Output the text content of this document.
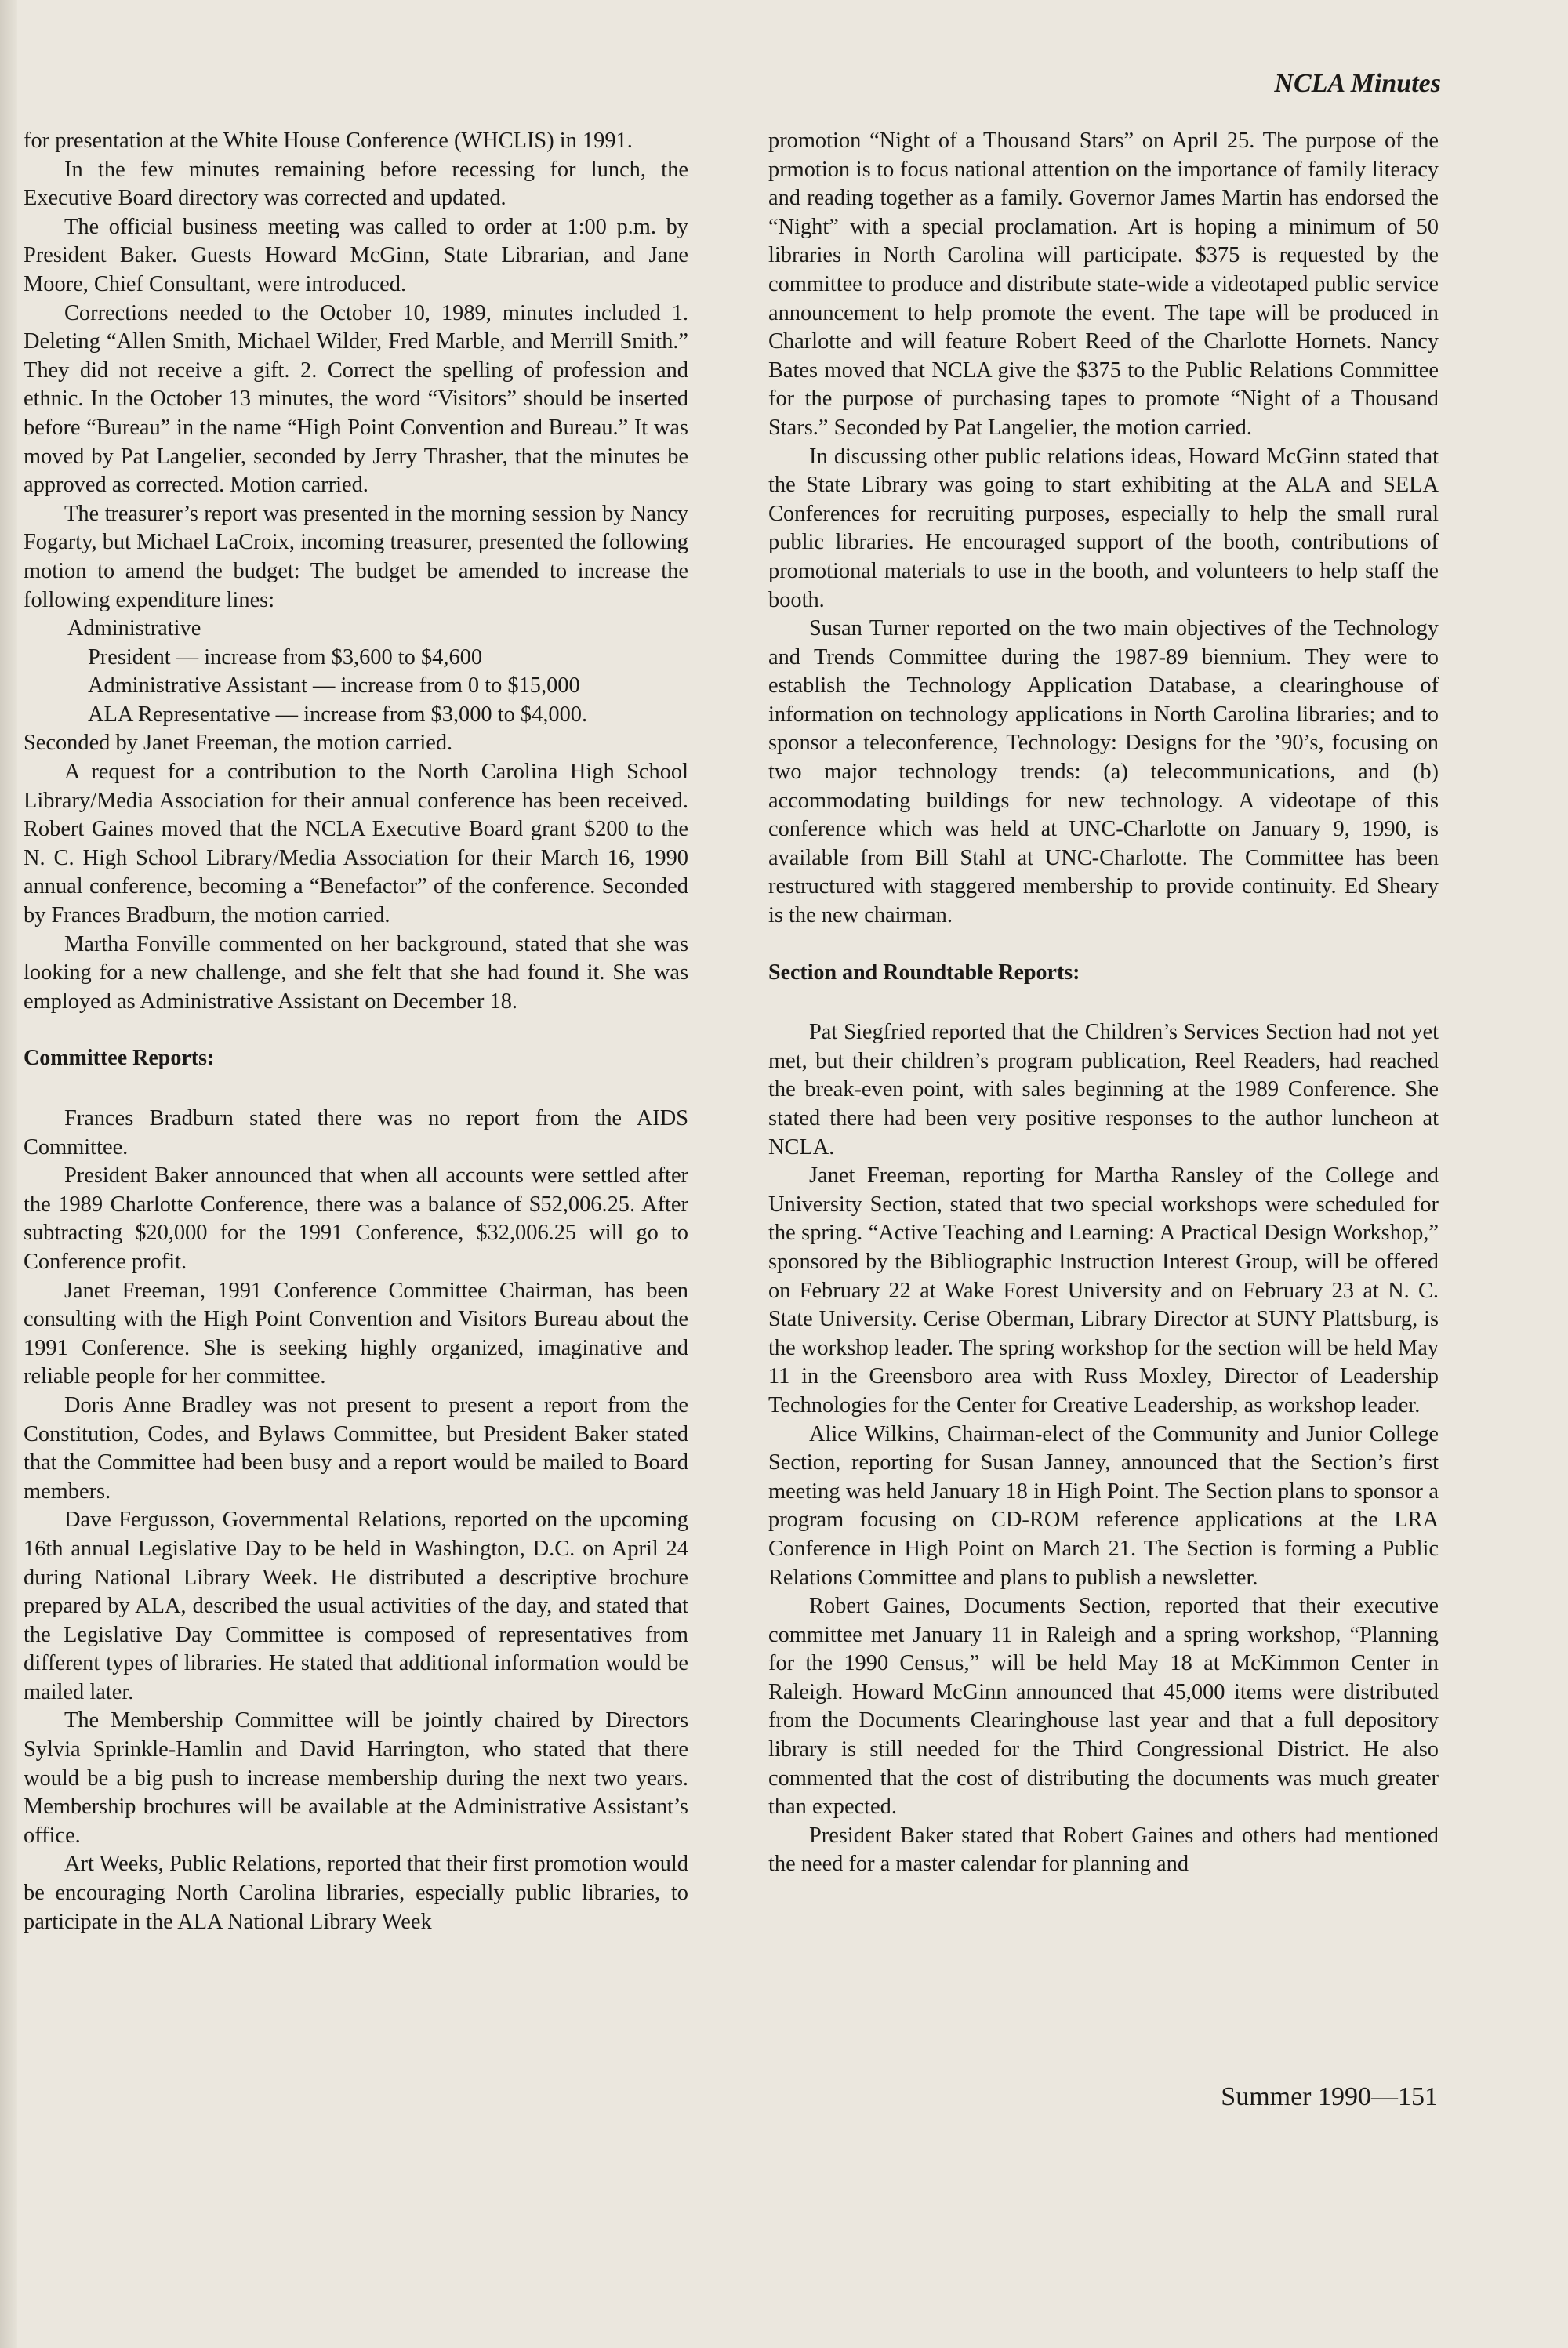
NCLA Minutes

for presentation at the White House Conference (WHCLIS) in 1991.

In the few minutes remaining before recessing for lunch, the Executive Board directory was corrected and updated.

The official business meeting was called to order at 1:00 p.m. by President Baker. Guests Howard McGinn, State Librarian, and Jane Moore, Chief Consultant, were introduced.

Corrections needed to the October 10, 1989, minutes included 1. Deleting “Allen Smith, Michael Wilder, Fred Marble, and Merrill Smith.” They did not receive a gift. 2. Correct the spelling of profession and ethnic. In the October 13 minutes, the word “Visitors” should be inserted before “Bureau” in the name “High Point Convention and Bureau.” It was moved by Pat Langelier, seconded by Jerry Thrasher, that the minutes be approved as corrected. Motion carried.

The treasurer’s report was presented in the morning session by Nancy Fogarty, but Michael LaCroix, incoming treasurer, presented the following motion to amend the budget: The budget be amended to increase the following expenditure lines:

Administrative

President — increase from $3,600 to $4,600

Administrative Assistant — increase from 0 to $15,000

ALA Representative — increase from $3,000 to $4,000.

Seconded by Janet Freeman, the motion carried.

A request for a contribution to the North Carolina High School Library/Media Association for their annual conference has been received. Robert Gaines moved that the NCLA Executive Board grant $200 to the N. C. High School Library/Media Association for their March 16, 1990 annual conference, becoming a “Benefactor” of the conference. Seconded by Frances Bradburn, the motion carried.

Martha Fonville commented on her background, stated that she was looking for a new challenge, and she felt that she had found it. She was employed as Administrative Assistant on December 18.

Committee Reports:

Frances Bradburn stated there was no report from the AIDS Committee.

President Baker announced that when all accounts were settled after the 1989 Charlotte Conference, there was a balance of $52,006.25. After subtracting $20,000 for the 1991 Conference, $32,006.25 will go to Conference profit.

Janet Freeman, 1991 Conference Committee Chairman, has been consulting with the High Point Convention and Visitors Bureau about the 1991 Conference. She is seeking highly organized, imaginative and reliable people for her committee.

Doris Anne Bradley was not present to present a report from the Constitution, Codes, and Bylaws Committee, but President Baker stated that the Committee had been busy and a report would be mailed to Board members.

Dave Fergusson, Governmental Relations, reported on the upcoming 16th annual Legislative Day to be held in Washington, D.C. on April 24 during National Library Week. He distributed a descriptive brochure prepared by ALA, described the usual activities of the day, and stated that the Legislative Day Committee is composed of representatives from different types of libraries. He stated that additional information would be mailed later.

The Membership Committee will be jointly chaired by Directors Sylvia Sprinkle-Hamlin and David Harrington, who stated that there would be a big push to increase membership during the next two years. Membership brochures will be available at the Administrative Assistant’s office.

Art Weeks, Public Relations, reported that their first promotion would be encouraging North Carolina libraries, especially public libraries, to participate in the ALA National Library Week

promotion “Night of a Thousand Stars” on April 25. The purpose of the prmotion is to focus national attention on the importance of family literacy and reading together as a family. Governor James Martin has endorsed the “Night” with a special proclamation. Art is hoping a minimum of 50 libraries in North Carolina will participate. $375 is requested by the committee to produce and distribute state-wide a videotaped public service announcement to help promote the event. The tape will be produced in Charlotte and will feature Robert Reed of the Charlotte Hornets. Nancy Bates moved that NCLA give the $375 to the Public Relations Committee for the purpose of purchasing tapes to promote “Night of a Thousand Stars.” Seconded by Pat Langelier, the motion carried.

In discussing other public relations ideas, Howard McGinn stated that the State Library was going to start exhibiting at the ALA and SELA Conferences for recruiting purposes, especially to help the small rural public libraries. He encouraged support of the booth, contributions of promotional materials to use in the booth, and volunteers to help staff the booth.

Susan Turner reported on the two main objectives of the Technology and Trends Committee during the 1987-89 biennium. They were to establish the Technology Application Database, a clearinghouse of information on technology applications in North Carolina libraries; and to sponsor a teleconference, Technology: Designs for the ’90’s, focusing on two major technology trends: (a) telecommunications, and (b) accommodating buildings for new technology. A videotape of this conference which was held at UNC-Charlotte on January 9, 1990, is available from Bill Stahl at UNC-Charlotte. The Committee has been restructured with staggered membership to provide continuity. Ed Sheary is the new chairman.

Section and Roundtable Reports:

Pat Siegfried reported that the Children’s Services Section had not yet met, but their children’s program publication, Reel Readers, had reached the break-even point, with sales beginning at the 1989 Conference. She stated there had been very positive responses to the author luncheon at NCLA.

Janet Freeman, reporting for Martha Ransley of the College and University Section, stated that two special workshops were scheduled for the spring. “Active Teaching and Learning: A Practical Design Workshop,” sponsored by the Bibliographic Instruction Interest Group, will be offered on February 22 at Wake Forest University and on February 23 at N. C. State University. Cerise Oberman, Library Director at SUNY Plattsburg, is the workshop leader. The spring workshop for the section will be held May 11 in the Greensboro area with Russ Moxley, Director of Leadership Technologies for the Center for Creative Leadership, as workshop leader.

Alice Wilkins, Chairman-elect of the Community and Junior College Section, reporting for Susan Janney, announced that the Section’s first meeting was held January 18 in High Point. The Section plans to sponsor a program focusing on CD-ROM reference applications at the LRA Conference in High Point on March 21. The Section is forming a Public Relations Committee and plans to publish a newsletter.

Robert Gaines, Documents Section, reported that their executive committee met January 11 in Raleigh and a spring workshop, “Planning for the 1990 Census,” will be held May 18 at McKimmon Center in Raleigh. Howard McGinn announced that 45,000 items were distributed from the Documents Clearinghouse last year and that a full depository library is still needed for the Third Congressional District. He also commented that the cost of distributing the documents was much greater than expected.

President Baker stated that Robert Gaines and others had mentioned the need for a master calendar for planning and

Summer 1990—151
